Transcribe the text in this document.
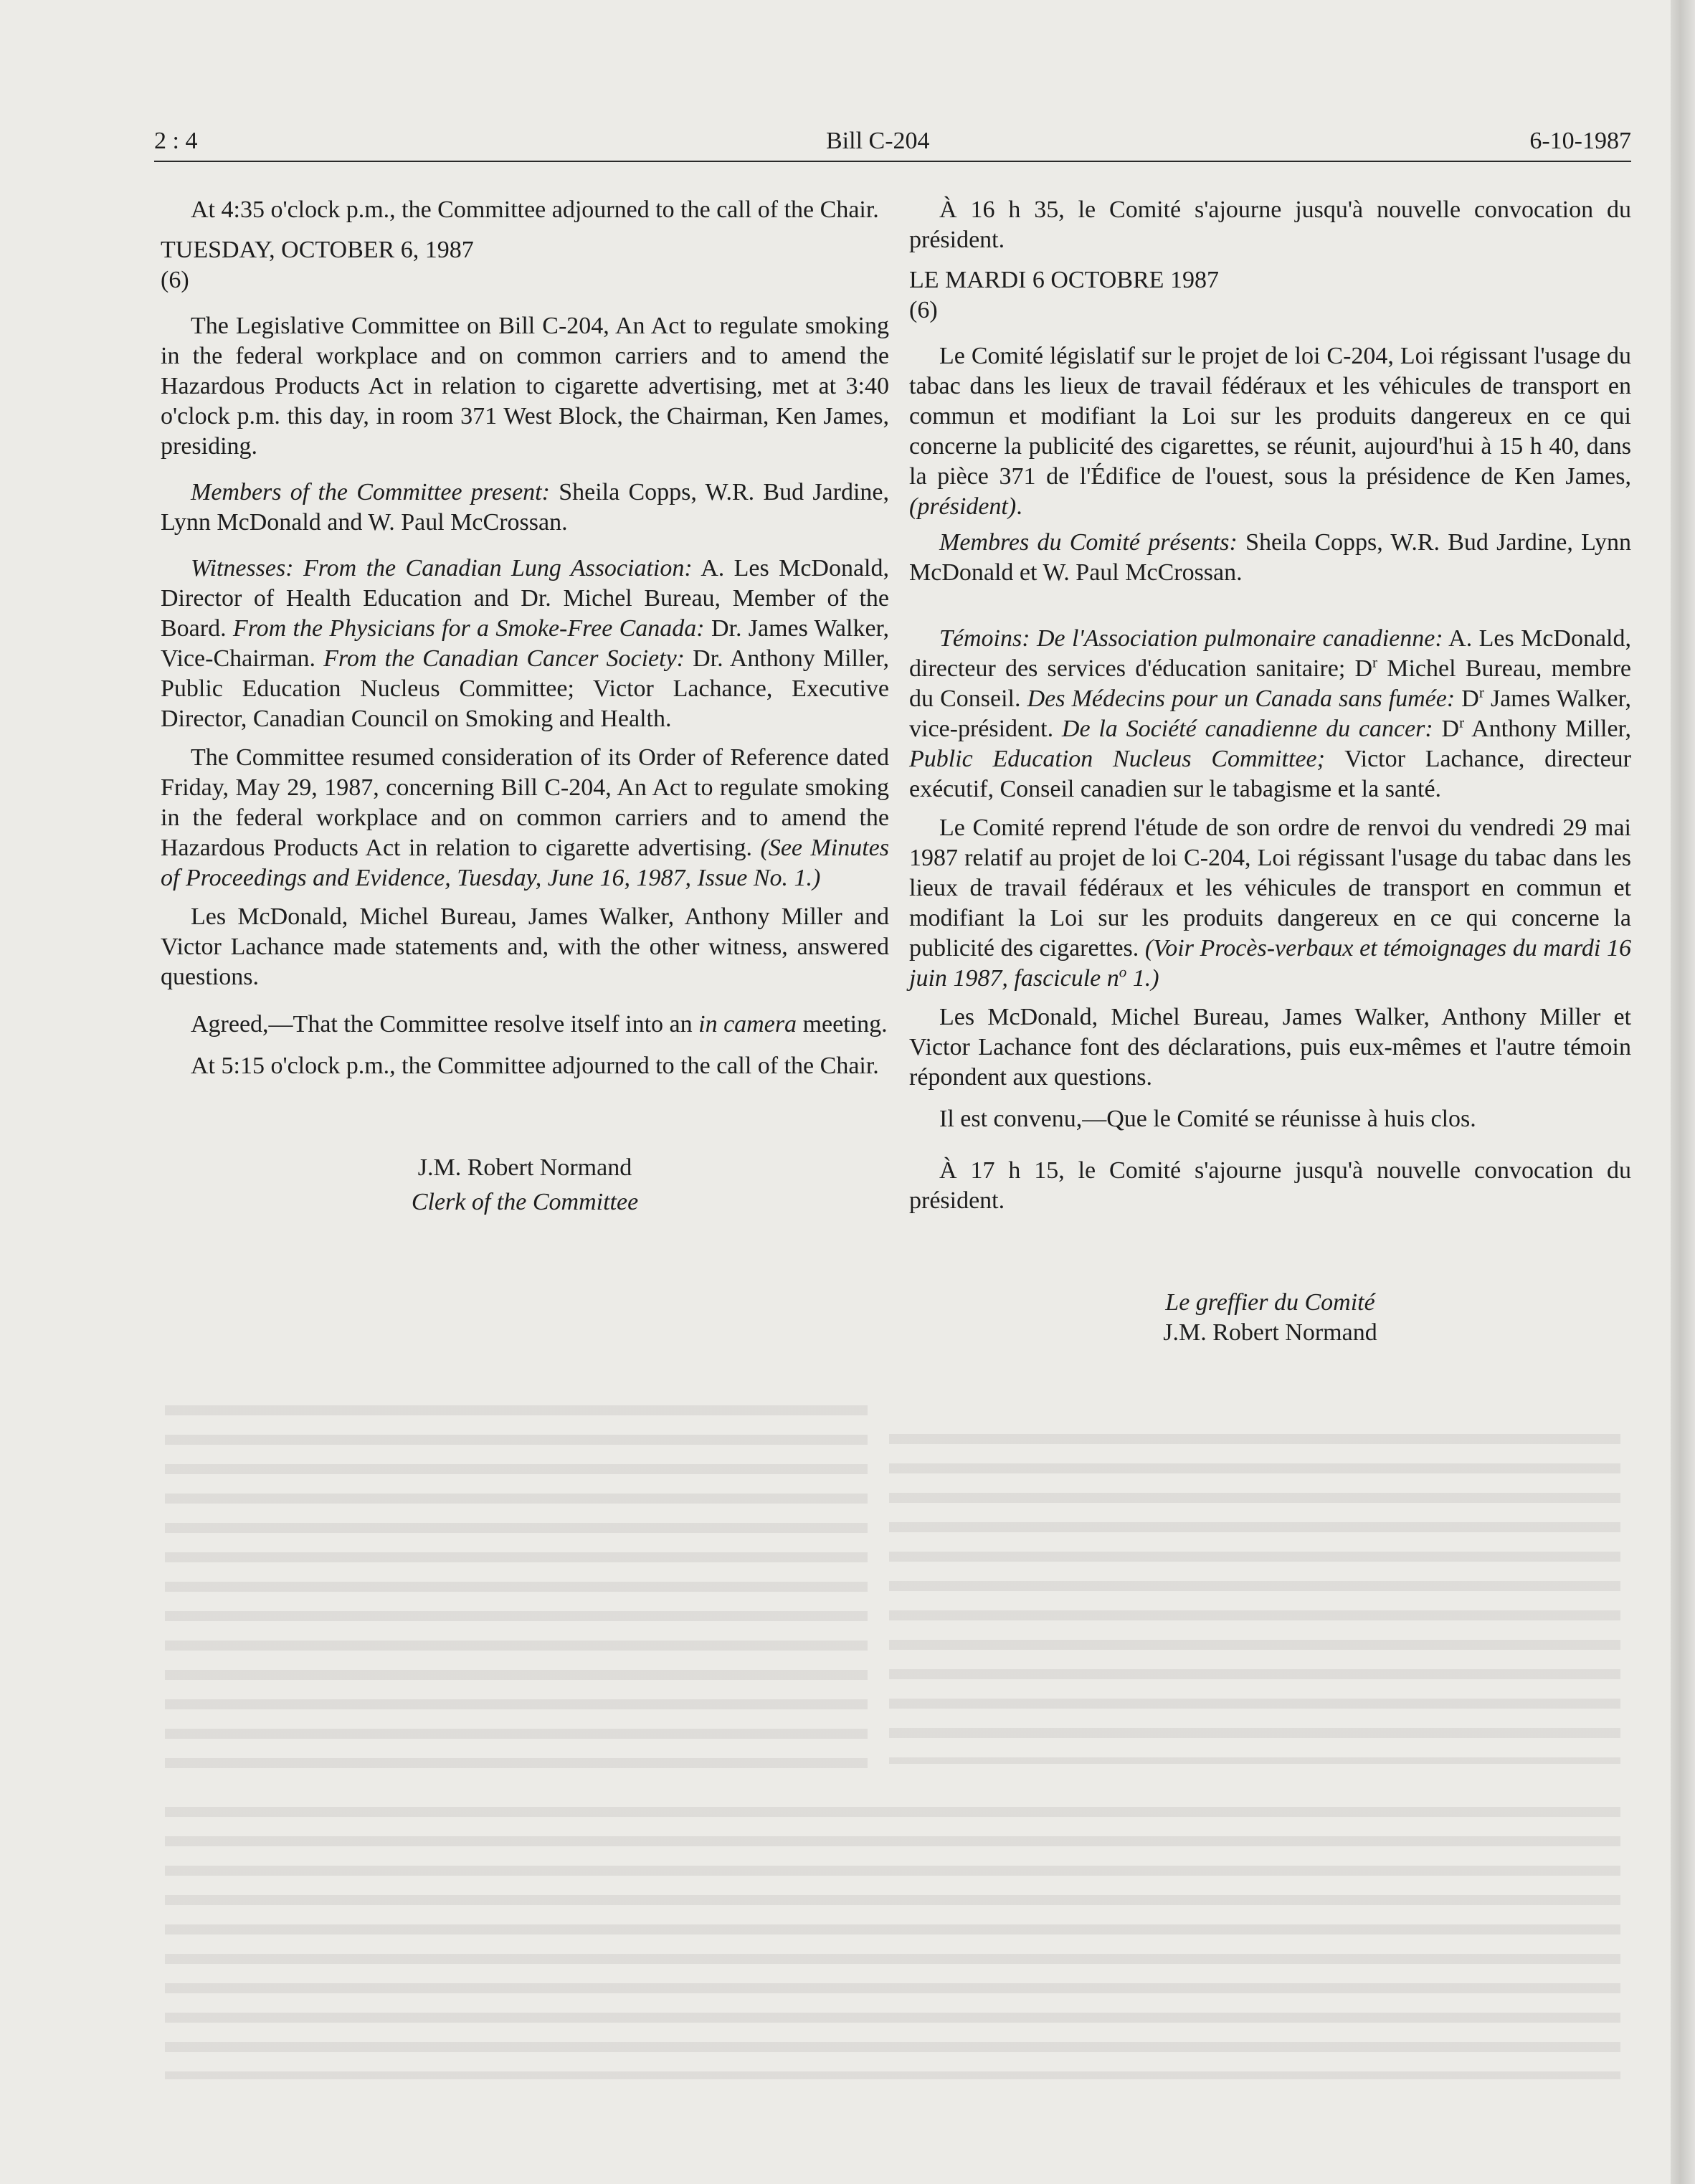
2 : 4	Bill C-204	6-10-1987

At 4:35 o'clock p.m., the Committee adjourned to the call of the Chair.

TUESDAY, OCTOBER 6, 1987

(6)

The Legislative Committee on Bill C-204, An Act to regulate smoking in the federal workplace and on common carriers and to amend the Hazardous Products Act in relation to cigarette advertising, met at 3:40 o'clock p.m. this day, in room 371 West Block, the Chairman, Ken James, presiding.

Members of the Committee present: Sheila Copps, W.R. Bud Jardine, Lynn McDonald and W. Paul McCrossan.

Witnesses: From the Canadian Lung Association: A. Les McDonald, Director of Health Education and Dr. Michel Bureau, Member of the Board. From the Physicians for a Smoke-Free Canada: Dr. James Walker, Vice-Chairman. From the Canadian Cancer Society: Dr. Anthony Miller, Public Education Nucleus Committee; Victor Lachance, Executive Director, Canadian Council on Smoking and Health.

The Committee resumed consideration of its Order of Reference dated Friday, May 29, 1987, concerning Bill C-204, An Act to regulate smoking in the federal workplace and on common carriers and to amend the Hazardous Products Act in relation to cigarette advertising. (See Minutes of Proceedings and Evidence, Tuesday, June 16, 1987, Issue No. 1.)

Les McDonald, Michel Bureau, James Walker, Anthony Miller and Victor Lachance made statements and, with the other witness, answered questions.

Agreed,—That the Committee resolve itself into an in camera meeting.

At 5:15 o'clock p.m., the Committee adjourned to the call of the Chair.

J.M. Robert Normand

Clerk of the Committee

À 16 h 35, le Comité s'ajourne jusqu'à nouvelle convocation du président.

LE MARDI 6 OCTOBRE 1987

(6)

Le Comité législatif sur le projet de loi C-204, Loi régissant l'usage du tabac dans les lieux de travail fédéraux et les véhicules de transport en commun et modifiant la Loi sur les produits dangereux en ce qui concerne la publicité des cigarettes, se réunit, aujourd'hui à 15 h 40, dans la pièce 371 de l'Édifice de l'ouest, sous la présidence de Ken James, (président).

Membres du Comité présents: Sheila Copps, W.R. Bud Jardine, Lynn McDonald et W. Paul McCrossan.

Témoins: De l'Association pulmonaire canadienne: A. Les McDonald, directeur des services d'éducation sanitaire; $D^r$ Michel Bureau, membre du Conseil. Des Médecins pour un Canada sans fumée: $D^r$ James Walker, vice-président. De la Société canadienne du cancer: $D^r$ Anthony Miller, Public Education Nucleus Committee; Victor Lachance, directeur exécutif, Conseil canadien sur le tabagisme et la santé.

Le Comité reprend l'étude de son ordre de renvoi du vendredi 29 mai 1987 relatif au projet de loi C-204, Loi régissant l'usage du tabac dans les lieux de travail fédéraux et les véhicules de transport en commun et modifiant la Loi sur les produits dangereux en ce qui concerne la publicité des cigarettes. (Voir Procès-verbaux et témoignages du mardi 16 juin 1987, fascicule $n^o$ 1.)

Les McDonald, Michel Bureau, James Walker, Anthony Miller et Victor Lachance font des déclarations, puis eux-mêmes et l'autre témoin répondent aux questions.

Il est convenu,—Que le Comité se réunisse à huis clos.

À 17 h 15, le Comité s'ajourne jusqu'à nouvelle convocation du président.

Le greffier du Comité

J.M. Robert Normand
